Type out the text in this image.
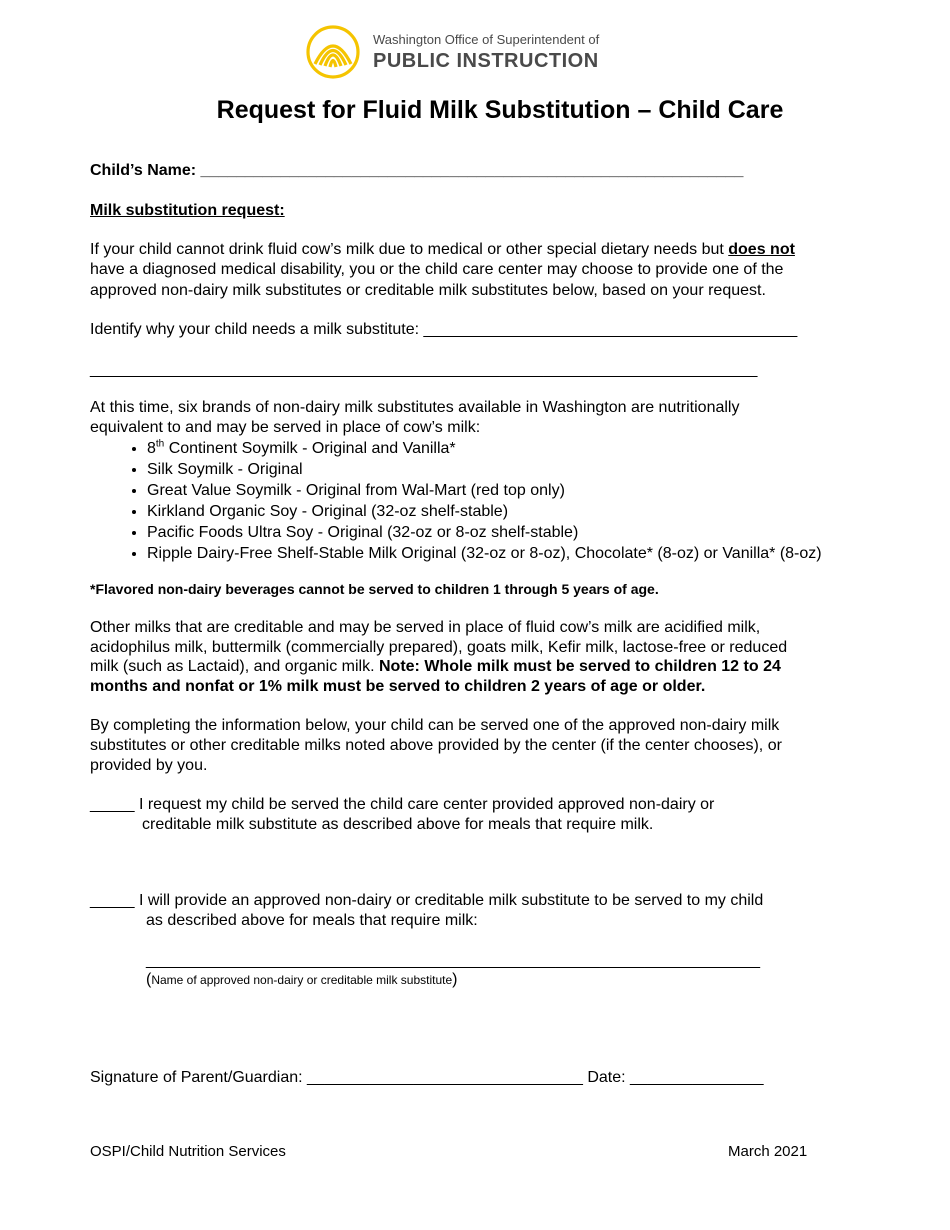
Washington Office of Superintendent of
PUBLIC INSTRUCTION
Request for Fluid Milk Substitution – Child Care
Child’s Name: _____________________________________________________________
Milk substitution request:
If your child cannot drink fluid cow’s milk due to medical or other special dietary needs but does not
have a diagnosed medical disability, you or the child care center may choose to provide one of the
approved non-dairy milk substitutes or creditable milk substitutes below, based on your request.
Identify why your child needs a milk substitute: __________________________________________
___________________________________________________________________________
At this time, six brands of non-dairy milk substitutes available in Washington are nutritionally
equivalent to and may be served in place of cow’s milk:
• 8th Continent Soymilk - Original and Vanilla*
• Silk Soymilk - Original
• Great Value Soymilk - Original from Wal-Mart (red top only)
• Kirkland Organic Soy - Original (32-oz shelf-stable)
• Pacific Foods Ultra Soy - Original (32-oz or 8-oz shelf-stable)
• Ripple Dairy-Free Shelf-Stable Milk Original (32-oz or 8-oz), Chocolate* (8-oz) or Vanilla* (8-oz)
*Flavored non-dairy beverages cannot be served to children 1 through 5 years of age.
Other milks that are creditable and may be served in place of fluid cow’s milk are acidified milk,
acidophilus milk, buttermilk (commercially prepared), goats milk, Kefir milk, lactose-free or reduced
milk (such as Lactaid), and organic milk. Note: Whole milk must be served to children 12 to 24
months and nonfat or 1% milk must be served to children 2 years of age or older.
By completing the information below, your child can be served one of the approved non-dairy milk
substitutes or other creditable milks noted above provided by the center (if the center chooses), or
provided by you.
_____ I request my child be served the child care center provided approved non-dairy or
creditable milk substitute as described above for meals that require milk.
_____ I will provide an approved non-dairy or creditable milk substitute to be served to my child
as described above for meals that require milk:
_____________________________________________________________________
(Name of approved non-dairy or creditable milk substitute)
Signature of Parent/Guardian: _______________________________ Date: _______________
OSPI/Child Nutrition Services	March 2021
